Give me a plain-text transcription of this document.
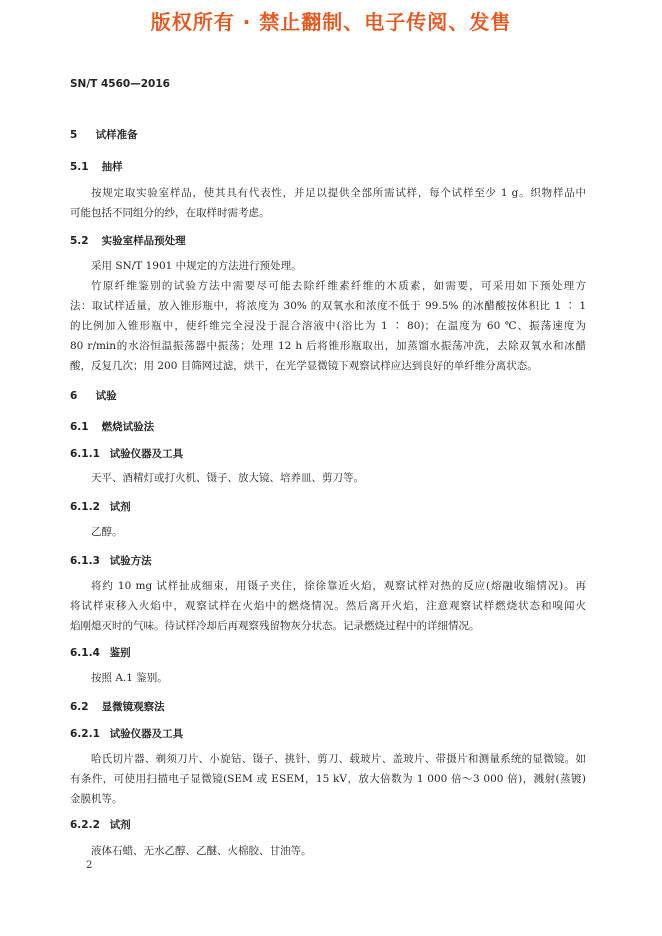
版权所有 · 禁止翻制、电子传阅、发售
SN/T 4560—2016
5 试样准备
5.1 抽样
按规定取实验室样品，使其具有代表性，并足以提供全部所需试样，每个试样至少 1 g。织物样品中
可能包括不同组分的纱，在取样时需考虑。
5.2 实验室样品预处理
采用 SN/T 1901 中规定的方法进行预处理。
竹原纤维鉴别的试验方法中需要尽可能去除纤维素纤维的木质素，如需要，可采用如下预处理方
法：取试样适量，放入锥形瓶中，将浓度为 30% 的双氧水和浓度不低于 99.5% 的冰醋酸按体积比 1 ∶ 1
的比例加入锥形瓶中，使纤维完全浸没于混合溶液中(浴比为 1 ∶ 80)；在温度为 60 ℃、振荡速度为
80 r/min的水浴恒温振荡器中振荡；处理 12 h 后将锥形瓶取出，加蒸馏水振荡冲洗，去除双氧水和冰醋
酸，反复几次；用 200 目筛网过滤，烘干，在光学显微镜下观察试样应达到良好的单纤维分离状态。
6 试验
6.1 燃烧试验法
6.1.1 试验仪器及工具
天平、酒精灯或打火机、镊子、放大镜、培养皿、剪刀等。
6.1.2 试剂
乙醇。
6.1.3 试验方法
将约 10 mg 试样扯成细束，用镊子夹住，徐徐靠近火焰，观察试样对热的反应(熔融收缩情况)。再
将试样束移入火焰中，观察试样在火焰中的燃烧情况。然后离开火焰，注意观察试样燃烧状态和嗅闻火
焰刚熄灭时的气味。待试样冷却后再观察残留物灰分状态。记录燃烧过程中的详细情况。
6.1.4 鉴别
按照 A.1 鉴别。
6.2 显微镜观察法
6.2.1 试验仪器及工具
哈氏切片器、剃须刀片、小旋钻、镊子、挑针、剪刀、载玻片、盖玻片、带摄片和测量系统的显微镜。如
有条件，可使用扫描电子显微镜(SEM 或 ESEM，15 kV，放大倍数为 1 000 倍～3 000 倍)，溅射(蒸镀)
金膜机等。
6.2.2 试剂
液体石蜡、无水乙醇、乙醚、火棉胶、甘油等。
2
